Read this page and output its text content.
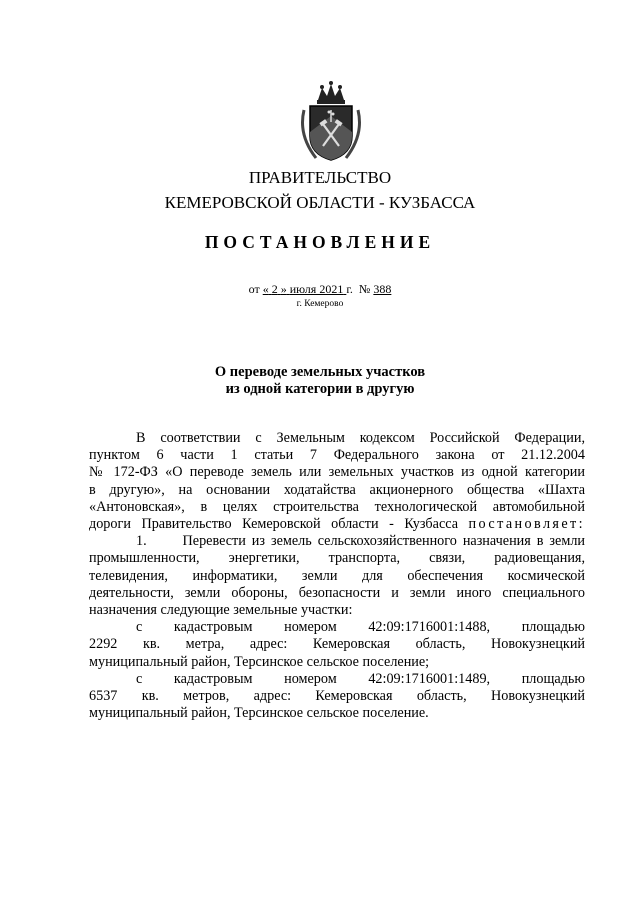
ПРАВИТЕЛЬСТВО
КЕМЕРОВСКОЙ ОБЛАСТИ - КУЗБАССА
ПОСТАНОВЛЕНИЕ
от « 2 » июля 2021 г. № 388
г. Кемерово
О переводе земельных участков
из одной категории в другую

В соответствии с Земельным кодексом Российской Федерации,

пунктом 6 части 1 статьи 7 Федерального закона от 21.12.2004

№ 172-ФЗ «О переводе земель или земельных участков из одной категории

в другую», на основании ходатайства акционерного общества «Шахта

«Антоновская», в целях строительства технологической автомобильной

дороги Правительство Кемеровской области - Кузбасса постановляет:

1.      Перевести из земель сельскохозяйственного назначения в земли

промышленности, энергетики, транспорта, связи, радиовещания,

телевидения, информатики, земли для обеспечения космической

деятельности, земли обороны, безопасности и земли иного специального

назначения следующие земельные участки:

с кадастровым номером 42:09:1716001:1488, площадью

2292 кв. метра, адрес: Кемеровская область, Новокузнецкий

муниципальный район, Терсинское сельское поселение;

с кадастровым номером 42:09:1716001:1489, площадью

6537 кв. метров, адрес: Кемеровская область, Новокузнецкий

муниципальный район, Терсинское сельское поселение.
